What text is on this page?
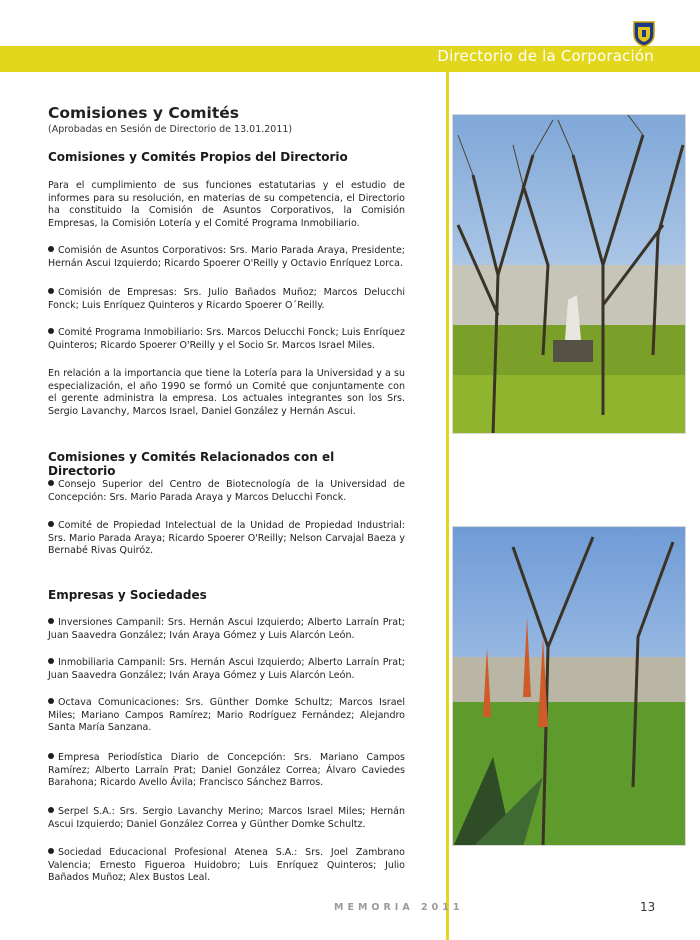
Directorio de la Corporación
Comisiones y Comités
(Aprobadas en Sesión de Directorio de 13.01.2011)
Comisiones y Comités Propios del Directorio

Para el cumplimiento de sus funciones estatutarias y el estudio de informes para su resolución, en materias de su competencia, el Directorio ha constituido la Comisión de Asuntos Corporativos, la Comisión Empresas, la Comisión Lotería y el Comité Programa Inmobiliario.

Comisión de Asuntos Corporativos: Srs. Mario Parada Araya, Presidente; Hernán Ascui Izquierdo; Ricardo Spoerer O'Reilly y Octavio Enríquez Lorca.
Comisión de Empresas: Srs. Julio Bañados Muñoz; Marcos Delucchi Fonck; Luis Enríquez Quinteros y Ricardo Spoerer O´Reilly.
Comité Programa Inmobiliario: Srs. Marcos Delucchi Fonck; Luis Enríquez Quinteros; Ricardo Spoerer O'Reilly y el Socio Sr. Marcos Israel Miles.

En relación a la importancia que tiene la Lotería para la Universidad y a su especialización, el año 1990 se formó un Comité que conjuntamente con el gerente administra la empresa. Los actuales integrantes son los Srs. Sergio Lavanchy, Marcos Israel, Daniel González y Hernán Ascui.

Comisiones y Comités Relacionados con el Directorio
Consejo Superior del Centro de Biotecnología de la Universidad de Concepción: Srs. Mario Parada Araya y Marcos Delucchi Fonck.
Comité de Propiedad Intelectual de la Unidad de Propiedad Industrial: Srs. Mario Parada Araya; Ricardo Spoerer O'Reilly; Nelson Carvajal Baeza y Bernabé Rivas Quiróz.
Empresas y Sociedades
Inversiones Campanil: Srs. Hernán Ascui Izquierdo; Alberto Larraín Prat; Juan Saavedra González; Iván Araya Gómez y Luis Alarcón León.
Inmobiliaria Campanil: Srs. Hernán Ascui Izquierdo; Alberto Larraín Prat; Juan Saavedra González; Iván Araya Gómez y Luis Alarcón León.
Octava Comunicaciones: Srs. Günther Domke Schultz; Marcos Israel Miles; Mariano Campos Ramírez; Mario Rodríguez Fernández; Alejandro Santa María Sanzana.
Empresa Periodística Diario de Concepción: Srs. Mariano Campos Ramírez; Alberto Larraín Prat; Daniel González Correa; Álvaro Caviedes Barahona; Ricardo Avello Ávila; Francisco Sánchez Barros.
Serpel S.A.: Srs. Sergio Lavanchy Merino; Marcos Israel Miles; Hernán Ascui Izquierdo; Daniel González Correa y Günther Domke Schultz.
Sociedad Educacional Profesional Atenea S.A.: Srs. Joel Zambrano Valencia; Ernesto Figueroa Huidobro; Luis Enríquez Quinteros; Julio Bañados Muñoz; Alex Bustos Leal.
MEMORIA 2011	13
